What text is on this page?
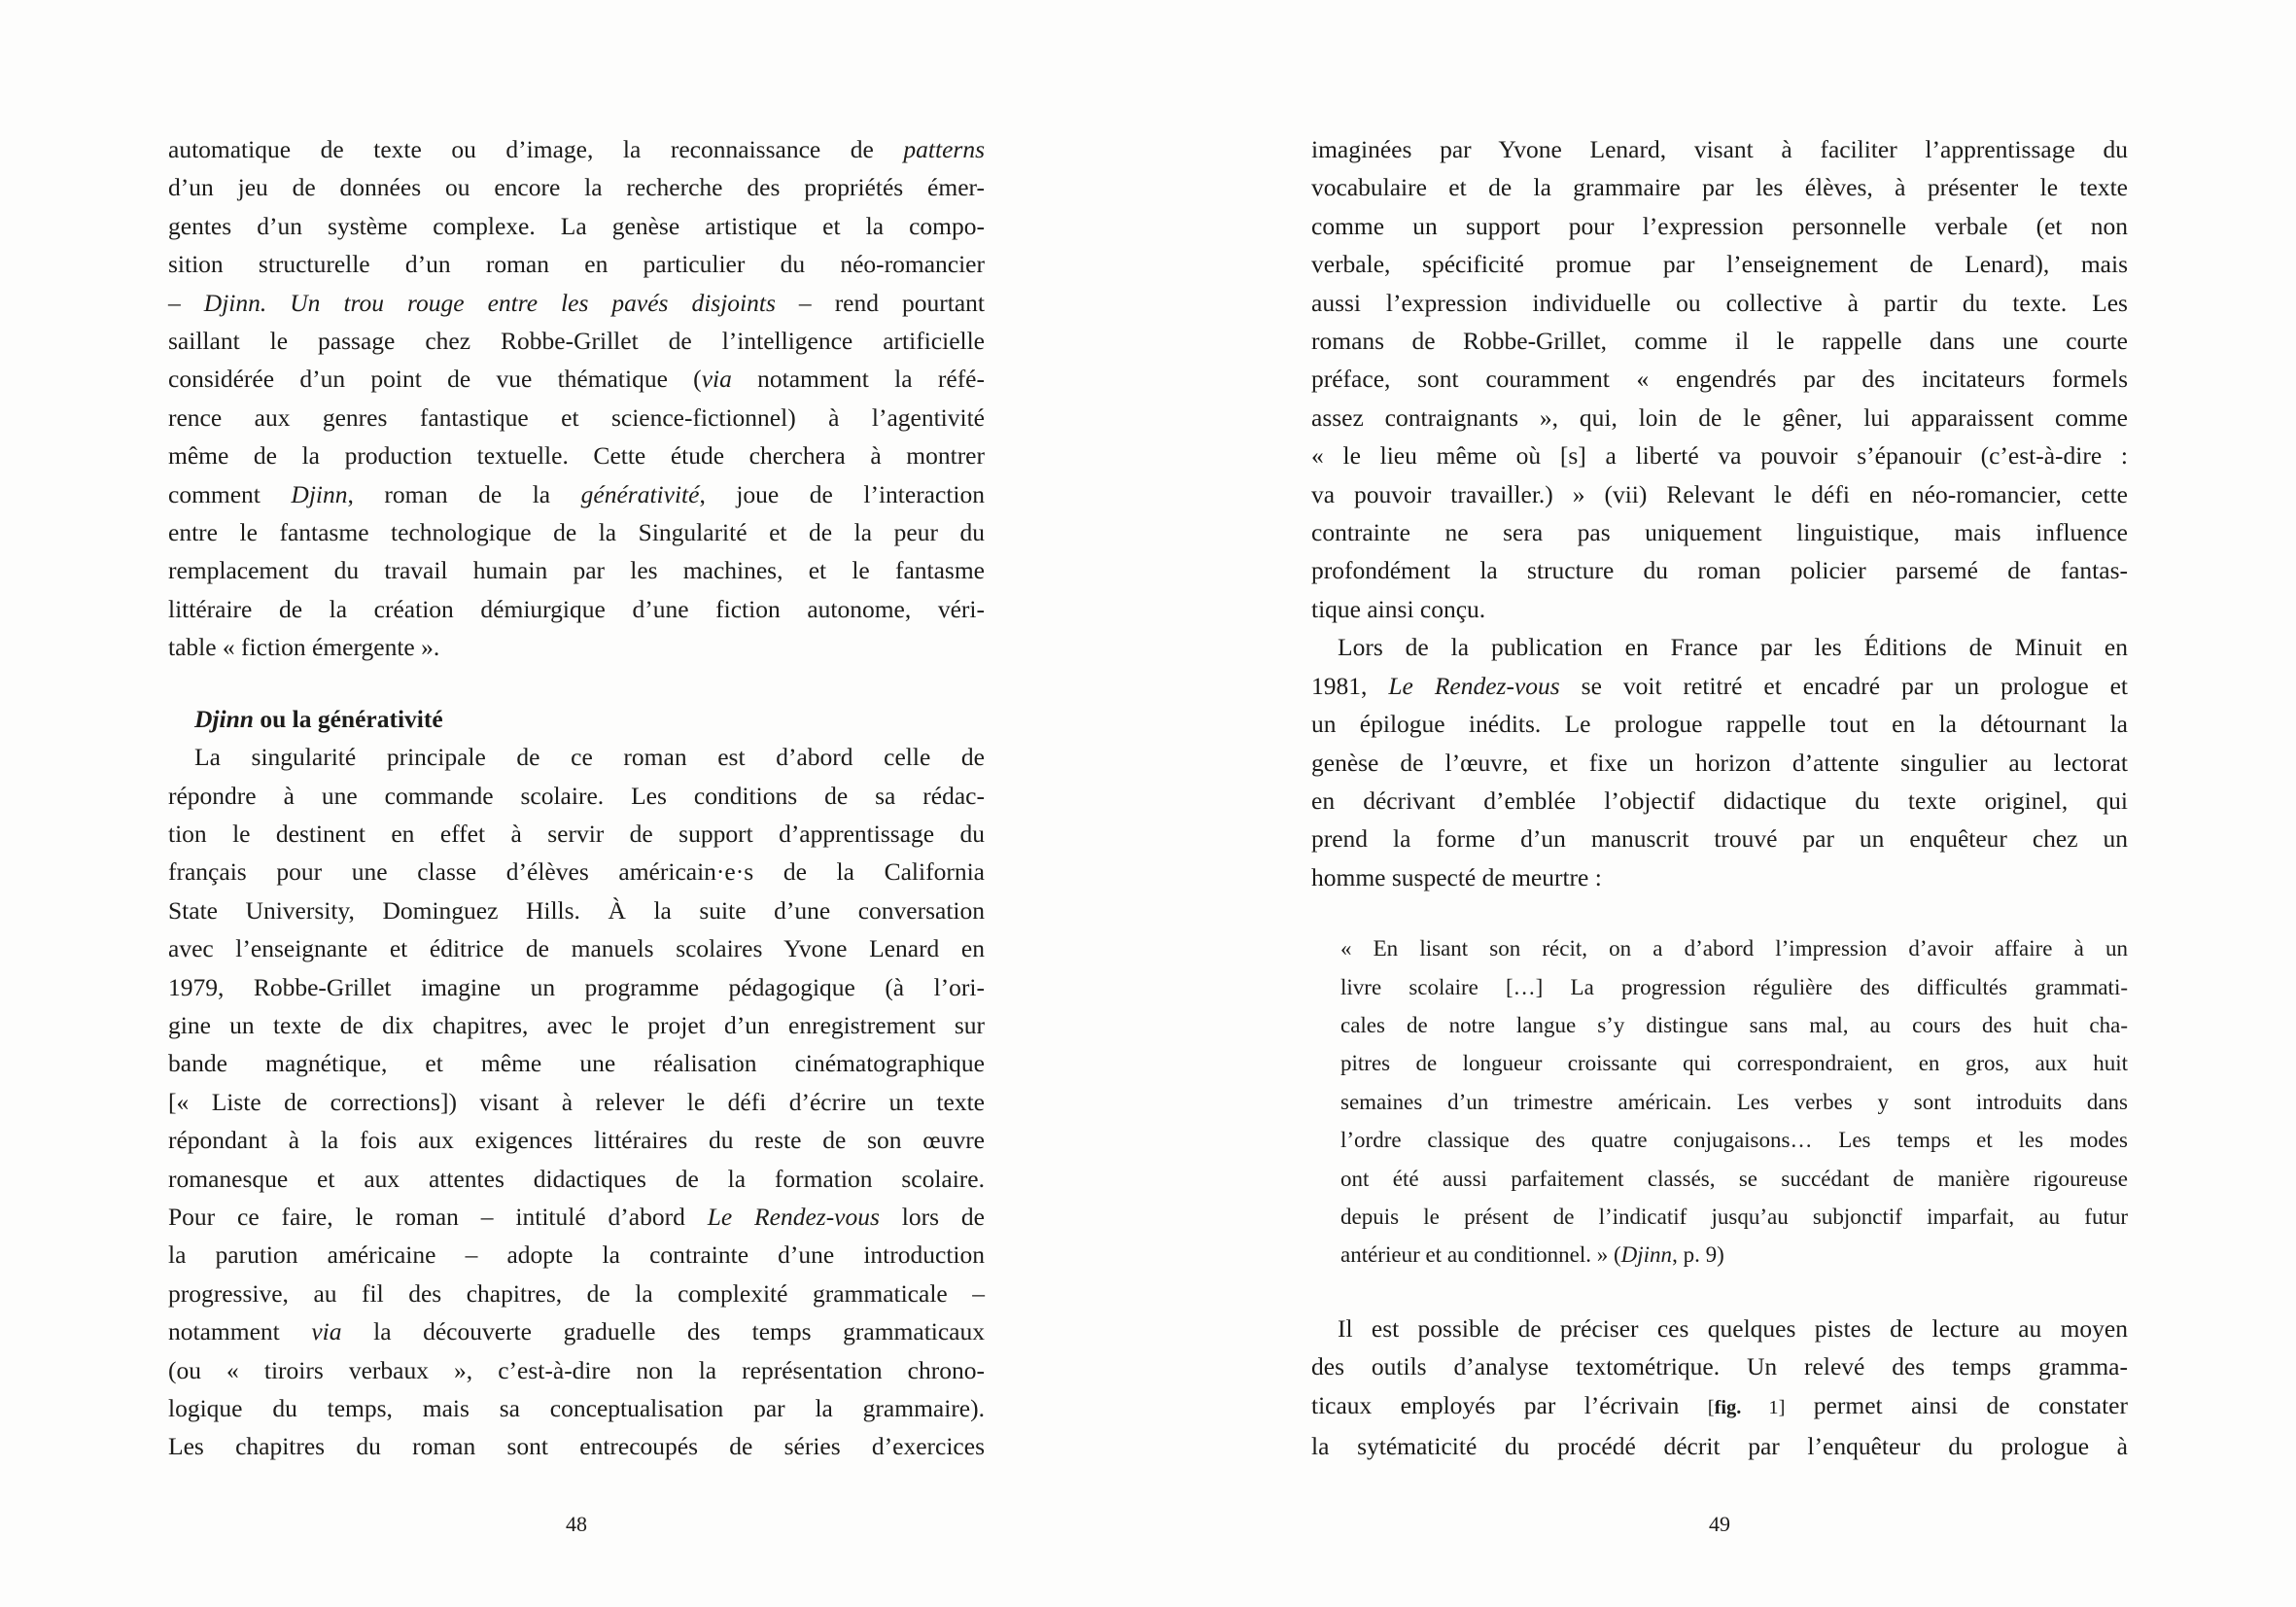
automatique de texte ou d’image, la reconnaissance de patterns
d’un jeu de données ou encore la recherche des propriétés émer-
gentes d’un système complexe. La genèse artistique et la compo-
sition structurelle d’un roman en particulier du néo-romancier
– Djinn. Un trou rouge entre les pavés disjoints – rend pourtant
saillant le passage chez Robbe-Grillet de l’intelligence artificielle
considérée d’un point de vue thématique (via notamment la réfé-
rence aux genres fantastique et science-fictionnel) à l’agentivité
même de la production textuelle. Cette étude cherchera à montrer
comment Djinn, roman de la générativité, joue de l’interaction
entre le fantasme technologique de la Singularité et de la peur du
remplacement du travail humain par les machines, et le fantasme
littéraire de la création démiurgique d’une fiction autonome, véri-
table « fiction émergente ».
Djinn ou la générativité
La singularité principale de ce roman est d’abord celle de
répondre à une commande scolaire. Les conditions de sa rédac-
tion le destinent en effet à servir de support d’apprentissage du
français pour une classe d’élèves américain·e·s de la California
State University, Dominguez Hills. À la suite d’une conversation
avec l’enseignante et éditrice de manuels scolaires Yvone Lenard en
1979, Robbe-Grillet imagine un programme pédagogique (à l’ori-
gine un texte de dix chapitres, avec le projet d’un enregistrement sur
bande magnétique, et même une réalisation cinématographique
[« Liste de corrections]) visant à relever le défi d’écrire un texte
répondant à la fois aux exigences littéraires du reste de son œuvre
romanesque et aux attentes didactiques de la formation scolaire.
Pour ce faire, le roman – intitulé d’abord Le Rendez-vous lors de
la parution américaine – adopte la contrainte d’une introduction
progressive, au fil des chapitres, de la complexité grammaticale –
notamment via la découverte graduelle des temps grammaticaux
(ou « tiroirs verbaux », c’est-à-dire non la représentation chrono-
logique du temps, mais sa conceptualisation par la grammaire).
Les chapitres du roman sont entrecoupés de séries d’exercices
imaginées par Yvone Lenard, visant à faciliter l’apprentissage du
vocabulaire et de la grammaire par les élèves, à présenter le texte
comme un support pour l’expression personnelle verbale (et non
verbale, spécificité promue par l’enseignement de Lenard), mais
aussi l’expression individuelle ou collective à partir du texte. Les
romans de Robbe-Grillet, comme il le rappelle dans une courte
préface, sont couramment « engendrés par des incitateurs formels
assez contraignants », qui, loin de le gêner, lui apparaissent comme
« le lieu même où [s] a liberté va pouvoir s’épanouir (c’est-à-dire :
va pouvoir travailler.) » (vii) Relevant le défi en néo-romancier, cette
contrainte ne sera pas uniquement linguistique, mais influence
profondément la structure du roman policier parsemé de fantas-
tique ainsi conçu.
Lors de la publication en France par les Éditions de Minuit en
1981, Le Rendez-vous se voit retitré et encadré par un prologue et
un épilogue inédits. Le prologue rappelle tout en la détournant la
genèse de l’œuvre, et fixe un horizon d’attente singulier au lectorat
en décrivant d’emblée l’objectif didactique du texte originel, qui
prend la forme d’un manuscrit trouvé par un enquêteur chez un
homme suspecté de meurtre :
« En lisant son récit, on a d’abord l’impression d’avoir affaire à un
livre scolaire […] La progression régulière des difficultés grammati-
cales de notre langue s’y distingue sans mal, au cours des huit cha-
pitres de longueur croissante qui correspondraient, en gros, aux huit
semaines d’un trimestre américain. Les verbes y sont introduits dans
l’ordre classique des quatre conjugaisons… Les temps et les modes
ont été aussi parfaitement classés, se succédant de manière rigoureuse
depuis le présent de l’indicatif jusqu’au subjonctif imparfait, au futur
antérieur et au conditionnel. » (Djinn, p. 9)
Il est possible de préciser ces quelques pistes de lecture au moyen
des outils d’analyse textométrique. Un relevé des temps gramma-
ticaux employés par l’écrivain [fig. 1] permet ainsi de constater
la sytématicité du procédé décrit par l’enquêteur du prologue à
48	49
